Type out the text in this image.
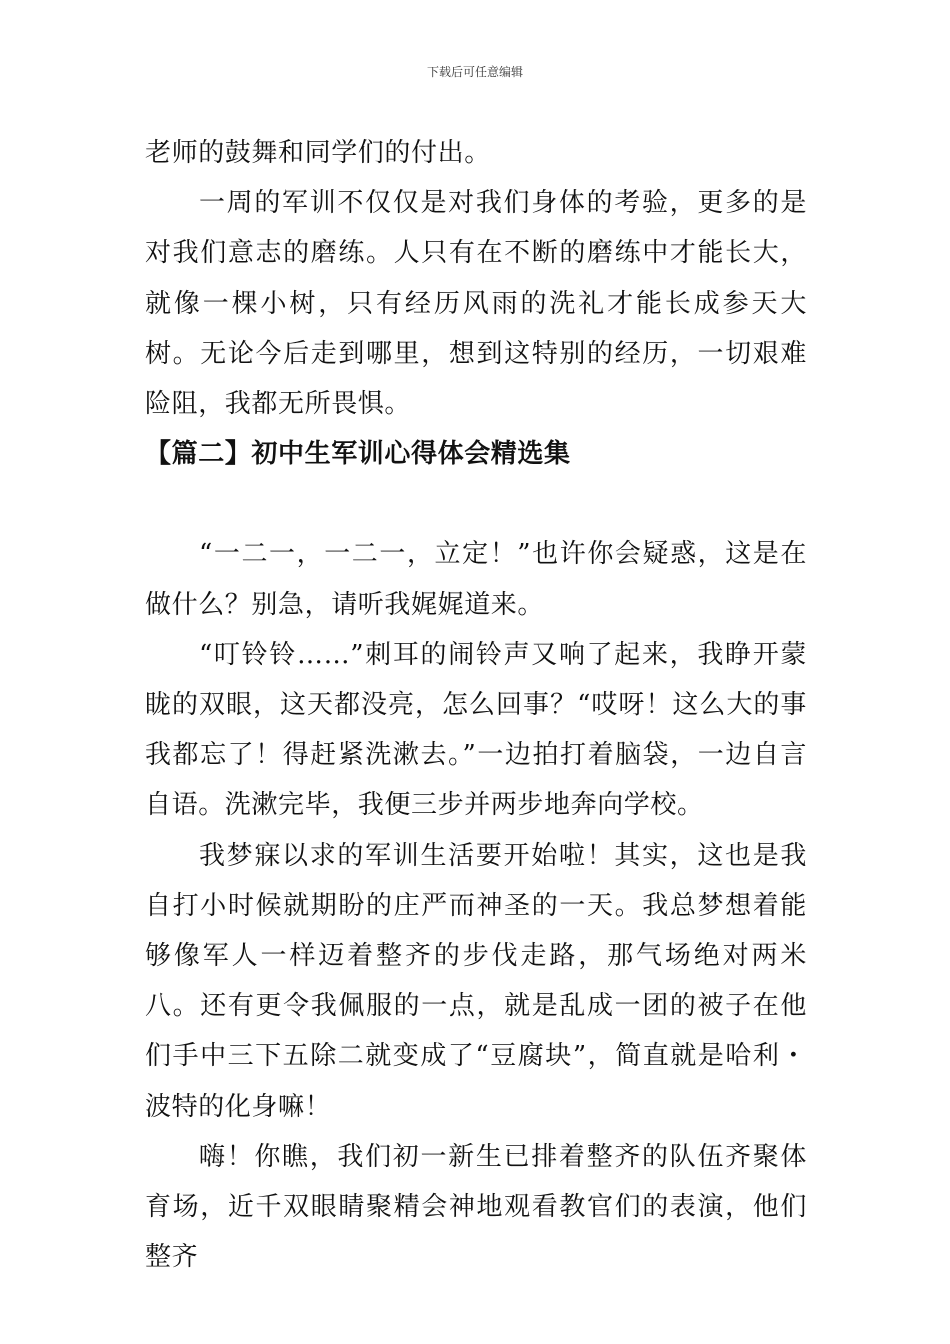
下载后可任意编辑

老师的鼓舞和同学们的付出。

一周的军训不仅仅是对我们身体的考验，更多的是对我们意志的磨练。人只有在不断的磨练中才能长大，就像一棵小树，只有经历风雨的洗礼才能长成参天大树。无论今后走到哪里，想到这特别的经历，一切艰难险阻，我都无所畏惧。

【篇二】初中生军训心得体会精选集

“一二一，一二一，立定！”也许你会疑惑，这是在做什么？别急，请听我娓娓道来。

“叮铃铃……”刺耳的闹铃声又响了起来，我睁开蒙眬的双眼，这天都没亮，怎么回事？“哎呀！这么大的事我都忘了！得赶紧洗漱去。”一边拍打着脑袋，一边自言自语。洗漱完毕，我便三步并两步地奔向学校。

我梦寐以求的军训生活要开始啦！其实，这也是我自打小时候就期盼的庄严而神圣的一天。我总梦想着能够像军人一样迈着整齐的步伐走路，那气场绝对两米八。还有更令我佩服的一点，就是乱成一团的被子在他们手中三下五除二就变成了“豆腐块”，简直就是哈利・波特的化身嘛！

嗨！你瞧，我们初一新生已排着整齐的队伍齐聚体育场，近千双眼睛聚精会神地观看教官们的表演，他们整齐
